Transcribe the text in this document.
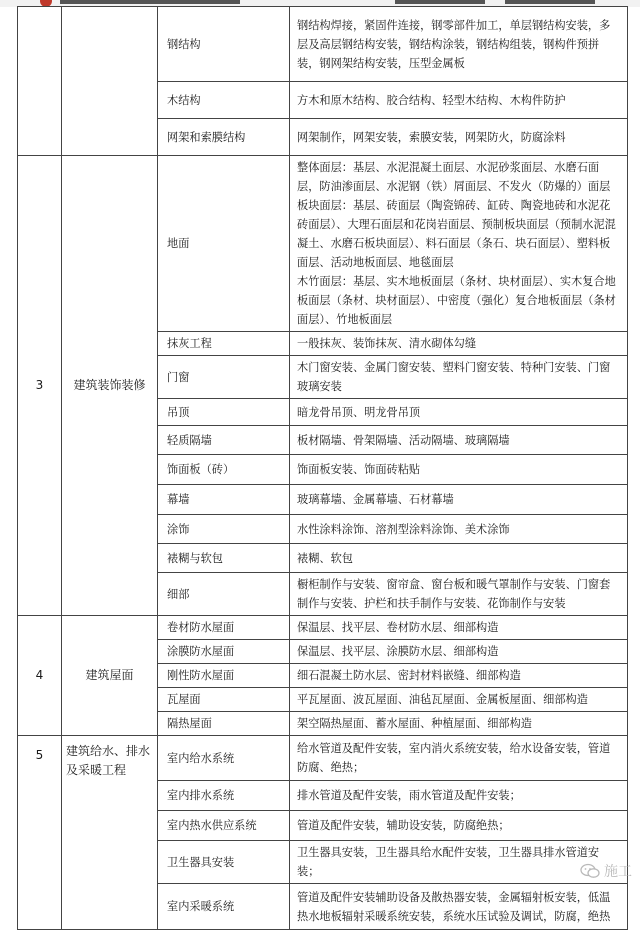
		钢结构	钢结构焊接，紧固件连接，钢零部件加工，单层钢结构安装，多层及高层钢结构安装，钢结构涂装，钢结构组装，钢构件预拼装，钢网架结构安装，压型金属板
		木结构	方木和原木结构、胶合结构、轻型木结构、木构件防护
		网架和索膜结构	网架制作，网架安装，索膜安装，网架防火，防腐涂料
3	建筑装饰装修	地面	整体面层：基层、水泥混凝土面层、水泥砂浆面层、水磨石面层，防油渗面层、水泥钢（铁）屑面层、不发火（防爆的）面层
板块面层：基层、砖面层（陶瓷锦砖、缸砖、陶瓷地砖和水泥花砖面层）、大理石面层和花岗岩面层、预制板块面层（预制水泥混凝土、水磨石板块面层）、料石面层（条石、块石面层）、塑料板面层、活动地板面层、地毯面层
木竹面层：基层、实木地板面层（条材、块材面层）、实木复合地板面层（条材、块材面层）、中密度（强化）复合地板面层（条材面层）、竹地板面层

		抹灰工程	一般抹灰、装饰抹灰、清水砌体勾缝
		门窗	木门窗安装、金属门窗安装、塑料门窗安装、特种门安装、门窗玻璃安装
		吊顶	暗龙骨吊顶、明龙骨吊顶
		轻质隔墙	板材隔墙、骨架隔墙、活动隔墙、玻璃隔墙
		饰面板（砖）	饰面板安装、饰面砖粘贴
		幕墙	玻璃幕墙、金属幕墙、石材幕墙
		涂饰	水性涂料涂饰、溶剂型涂料涂饰、美术涂饰
		裱糊与软包	裱糊、软包
		细部	橱柜制作与安装、窗帘盒、窗台板和暖气罩制作与安装、门窗套制作与安装、护栏和扶手制作与安装、花饰制作与安装
4	建筑屋面	卷材防水屋面	保温层、找平层、卷材防水层、细部构造
		涂膜防水屋面	保温层、找平层、涂膜防水层、细部构造
		刚性防水屋面	细石混凝土防水层、密封材料嵌缝、细部构造
		瓦屋面	平瓦屋面、波瓦屋面、油毡瓦屋面、金属板屋面、细部构造
		隔热屋面	架空隔热屋面、蓄水屋面、种植屋面、细部构造
5	建筑给水、排水及采暖工程	室内给水系统	给水管道及配件安装，室内消火系统安装，给水设备安装，管道防腐、绝热；
		室内排水系统	排水管道及配件安装，雨水管道及配件安装；
		室内热水供应系统	管道及配件安装，辅助设安装，防腐绝热；
		卫生器具安装	卫生器具安装，卫生器具给水配件安装，卫生器具排水管道安装；
		室内采暖系统	管道及配件安装辅助设备及散热器安装，金属辐射板安装，低温热水地板辐射采暖系统安装，系统水压试验及调试，防腐，绝热
施工
